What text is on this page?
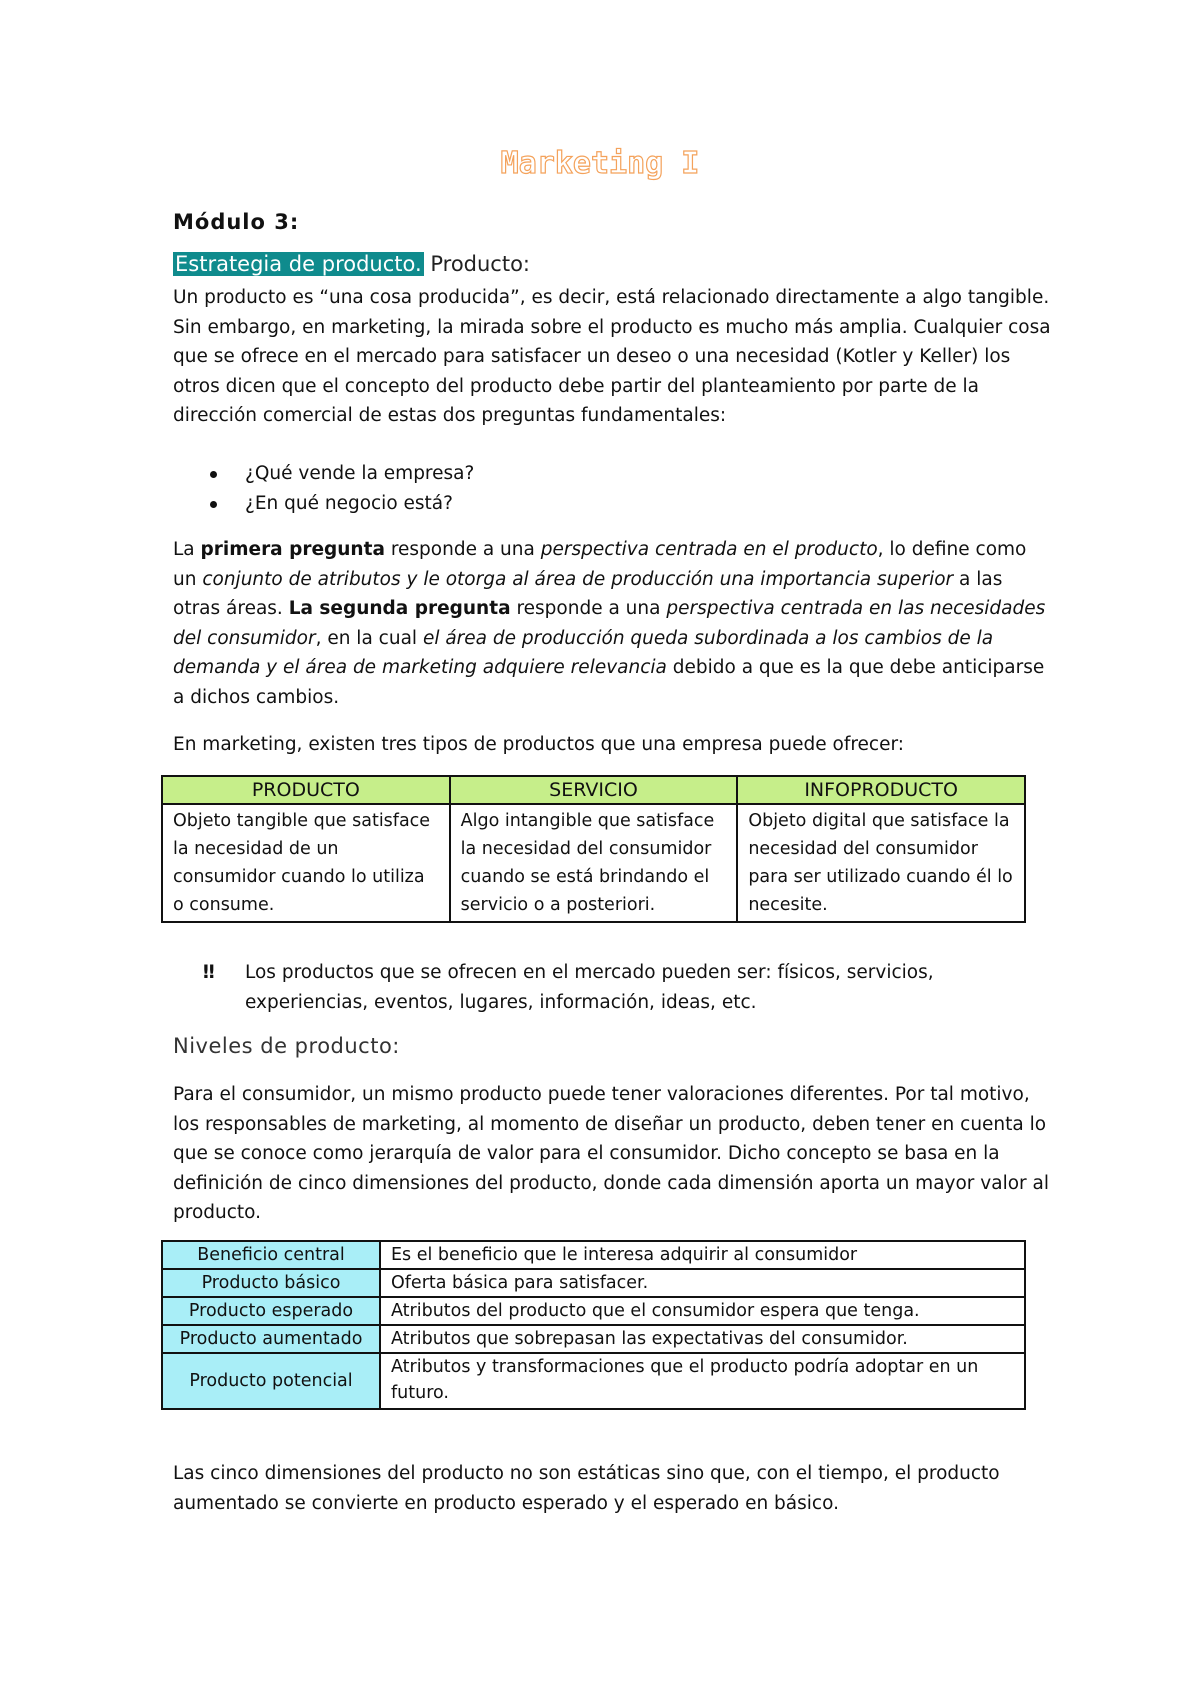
Marketing I
Módulo 3:
Estrategia de producto. Producto:
Un producto es “una cosa producida”, es decir, está relacionado directamente a algo tangible. Sin embargo, en marketing, la mirada sobre el producto es mucho más amplia. Cualquier cosa que se ofrece en el mercado para satisfacer un deseo o una necesidad (Kotler y Keller) los otros dicen que el concepto del producto debe partir del planteamiento por parte de la dirección comercial de estas dos preguntas fundamentales:
¿Qué vende la empresa?
¿En qué negocio está?
La primera pregunta responde a una perspectiva centrada en el producto, lo define como un conjunto de atributos y le otorga al área de producción una importancia superior a las otras áreas. La segunda pregunta responde a una perspectiva centrada en las necesidades del consumidor, en la cual el área de producción queda subordinada a los cambios de la demanda y el área de marketing adquiere relevancia debido a que es la que debe anticiparse a dichos cambios.
En marketing, existen tres tipos de productos que una empresa puede ofrecer:
PRODUCTO	SERVICIO	INFOPRODUCTO
Objeto tangible que satisface la necesidad de un consumidor cuando lo utiliza o consume.	Algo intangible que satisface la necesidad del consumidor cuando se está brindando el servicio o a posteriori.	Objeto digital que satisface la necesidad del consumidor para ser utilizado cuando él lo necesite.
‼	Los productos que se ofrecen en el mercado pueden ser: físicos, servicios, experiencias, eventos, lugares, información, ideas, etc.
Niveles de producto:
Para el consumidor, un mismo producto puede tener valoraciones diferentes. Por tal motivo, los responsables de marketing, al momento de diseñar un producto, deben tener en cuenta lo que se conoce como jerarquía de valor para el consumidor. Dicho concepto se basa en la definición de cinco dimensiones del producto, donde cada dimensión aporta un mayor valor al producto.
Beneficio central	Es el beneficio que le interesa adquirir al consumidor
Producto básico	Oferta básica para satisfacer.
Producto esperado	Atributos del producto que el consumidor espera que tenga.
Producto aumentado	Atributos que sobrepasan las expectativas del consumidor.
Producto potencial	Atributos y transformaciones que el producto podría adoptar en un futuro.
Las cinco dimensiones del producto no son estáticas sino que, con el tiempo, el producto aumentado se convierte en producto esperado y el esperado en básico.
